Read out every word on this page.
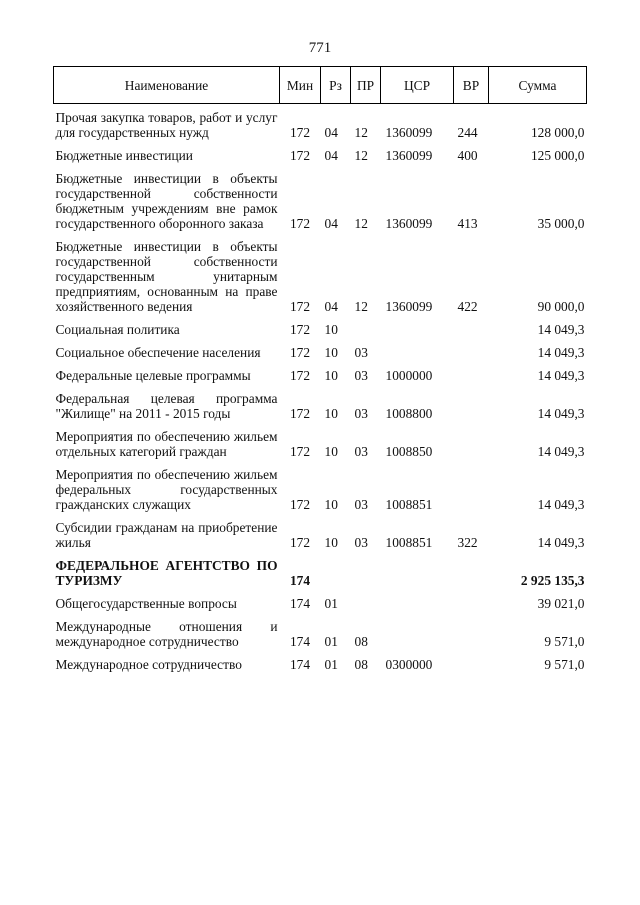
771
Наименование	Мин	Рз	ПР	ЦСР	ВР	Сумма
Прочая закупка товаров, работ и услуг для государственных нужд	172	04	12	1360099	244	128 000,0
Бюджетные инвестиции	172	04	12	1360099	400	125 000,0
Бюджетные инвестиции в объекты государственной собственности бюджетным учреждениям вне рамок государственного оборонного заказа	172	04	12	1360099	413	35 000,0
Бюджетные инвестиции в объекты государственной собственности государственным унитарным предприятиям, основанным на праве хозяйственного ведения	172	04	12	1360099	422	90 000,0
Социальная политика	172	10				14 049,3
Социальное обеспечение населения	172	10	03			14 049,3
Федеральные целевые программы	172	10	03	1000000		14 049,3
Федеральная целевая программа "Жилище" на 2011 - 2015 годы	172	10	03	1008800		14 049,3
Мероприятия по обеспечению жильем отдельных категорий граждан	172	10	03	1008850		14 049,3
Мероприятия по обеспечению жильем федеральных государственных гражданских служащих	172	10	03	1008851		14 049,3
Субсидии гражданам на приобретение жилья	172	10	03	1008851	322	14 049,3
ФЕДЕРАЛЬНОЕ АГЕНТСТВО ПО ТУРИЗМУ	174					2 925 135,3
Общегосударственные вопросы	174	01				39 021,0
Международные отношения и международное сотрудничество	174	01	08			9 571,0
Международное сотрудничество	174	01	08	0300000		9 571,0
